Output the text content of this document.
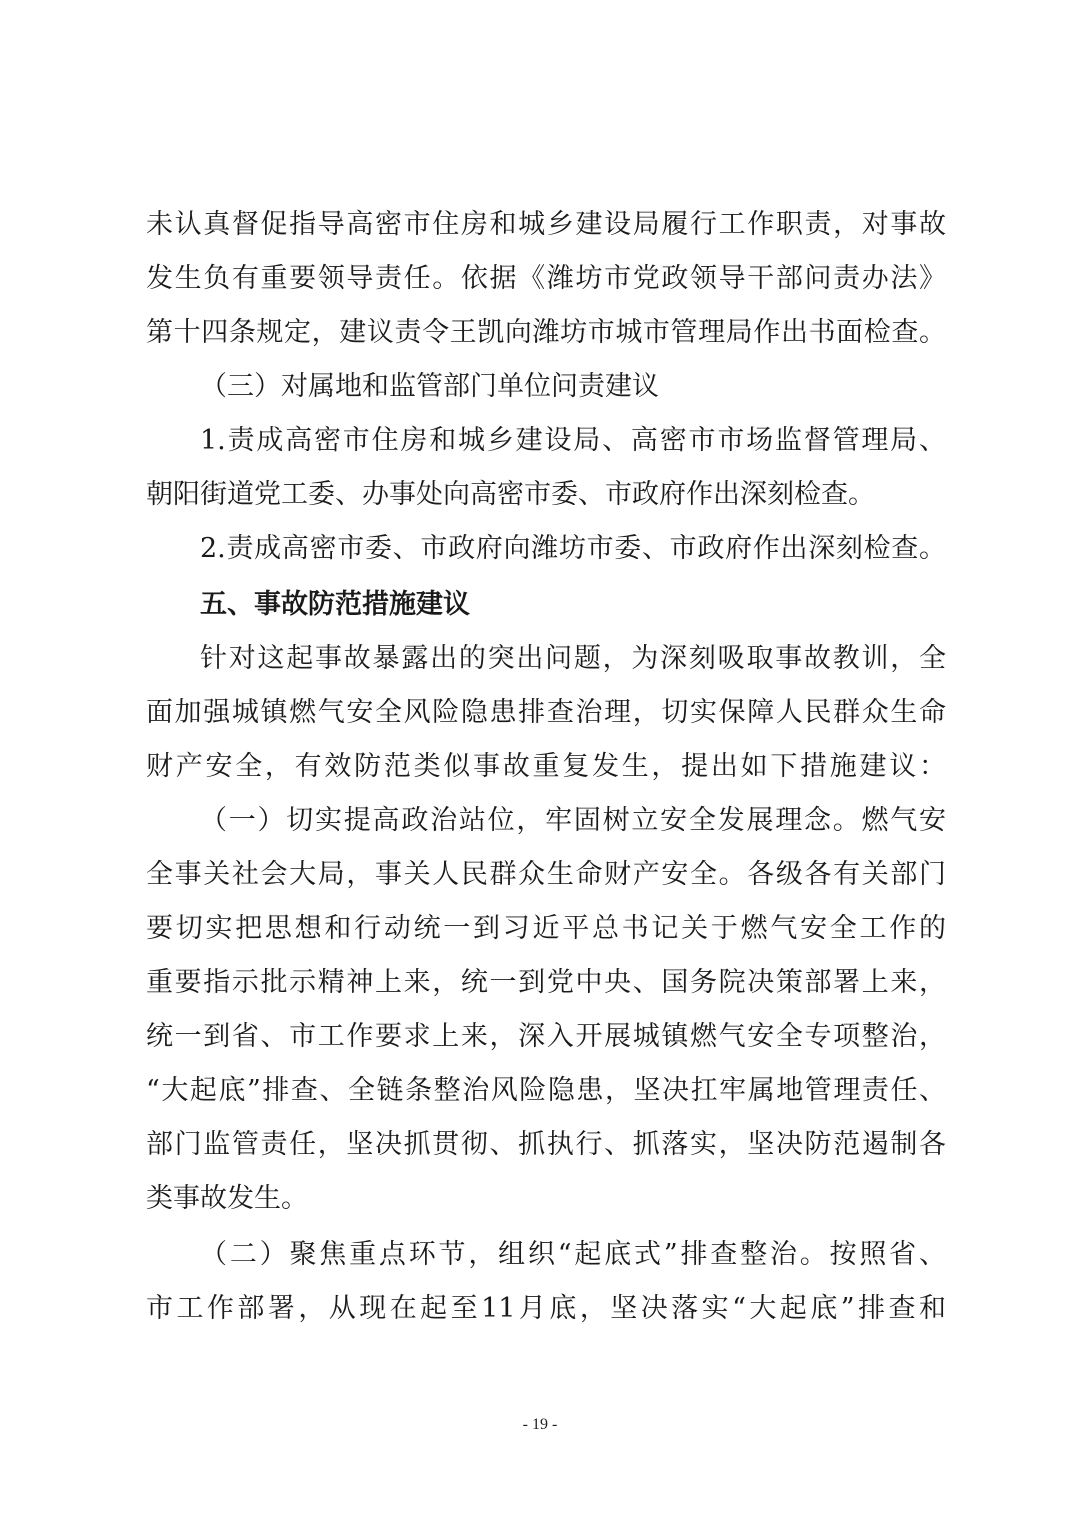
未认真督促指导高密市住房和城乡建设局履行工作职责，对事故
发生负有重要领导责任。依据《潍坊市党政领导干部问责办法》
第十四条规定，建议责令王凯向潍坊市城市管理局作出书面检查。
（三）对属地和监管部门单位问责建议
1.责成高密市住房和城乡建设局、高密市市场监督管理局、
朝阳街道党工委、办事处向高密市委、市政府作出深刻检查。
2.责成高密市委、市政府向潍坊市委、市政府作出深刻检查。
五、事故防范措施建议
针对这起事故暴露出的突出问题，为深刻吸取事故教训，全
面加强城镇燃气安全风险隐患排查治理，切实保障人民群众生命
财产安全，有效防范类似事故重复发生，提出如下措施建议：
（一）切实提高政治站位，牢固树立安全发展理念。燃气安
全事关社会大局，事关人民群众生命财产安全。各级各有关部门
要切实把思想和行动统一到习近平总书记关于燃气安全工作的
重要指示批示精神上来，统一到党中央、国务院决策部署上来，
统一到省、市工作要求上来，深入开展城镇燃气安全专项整治，
“大起底”排查、全链条整治风险隐患，坚决扛牢属地管理责任、
部门监管责任，坚决抓贯彻、抓执行、抓落实，坚决防范遏制各
类事故发生。
（二）聚焦重点环节，组织“起底式”排查整治。按照省、
市工作部署，从现在起至11月底，坚决落实“大起底”排查和
- 19 -
